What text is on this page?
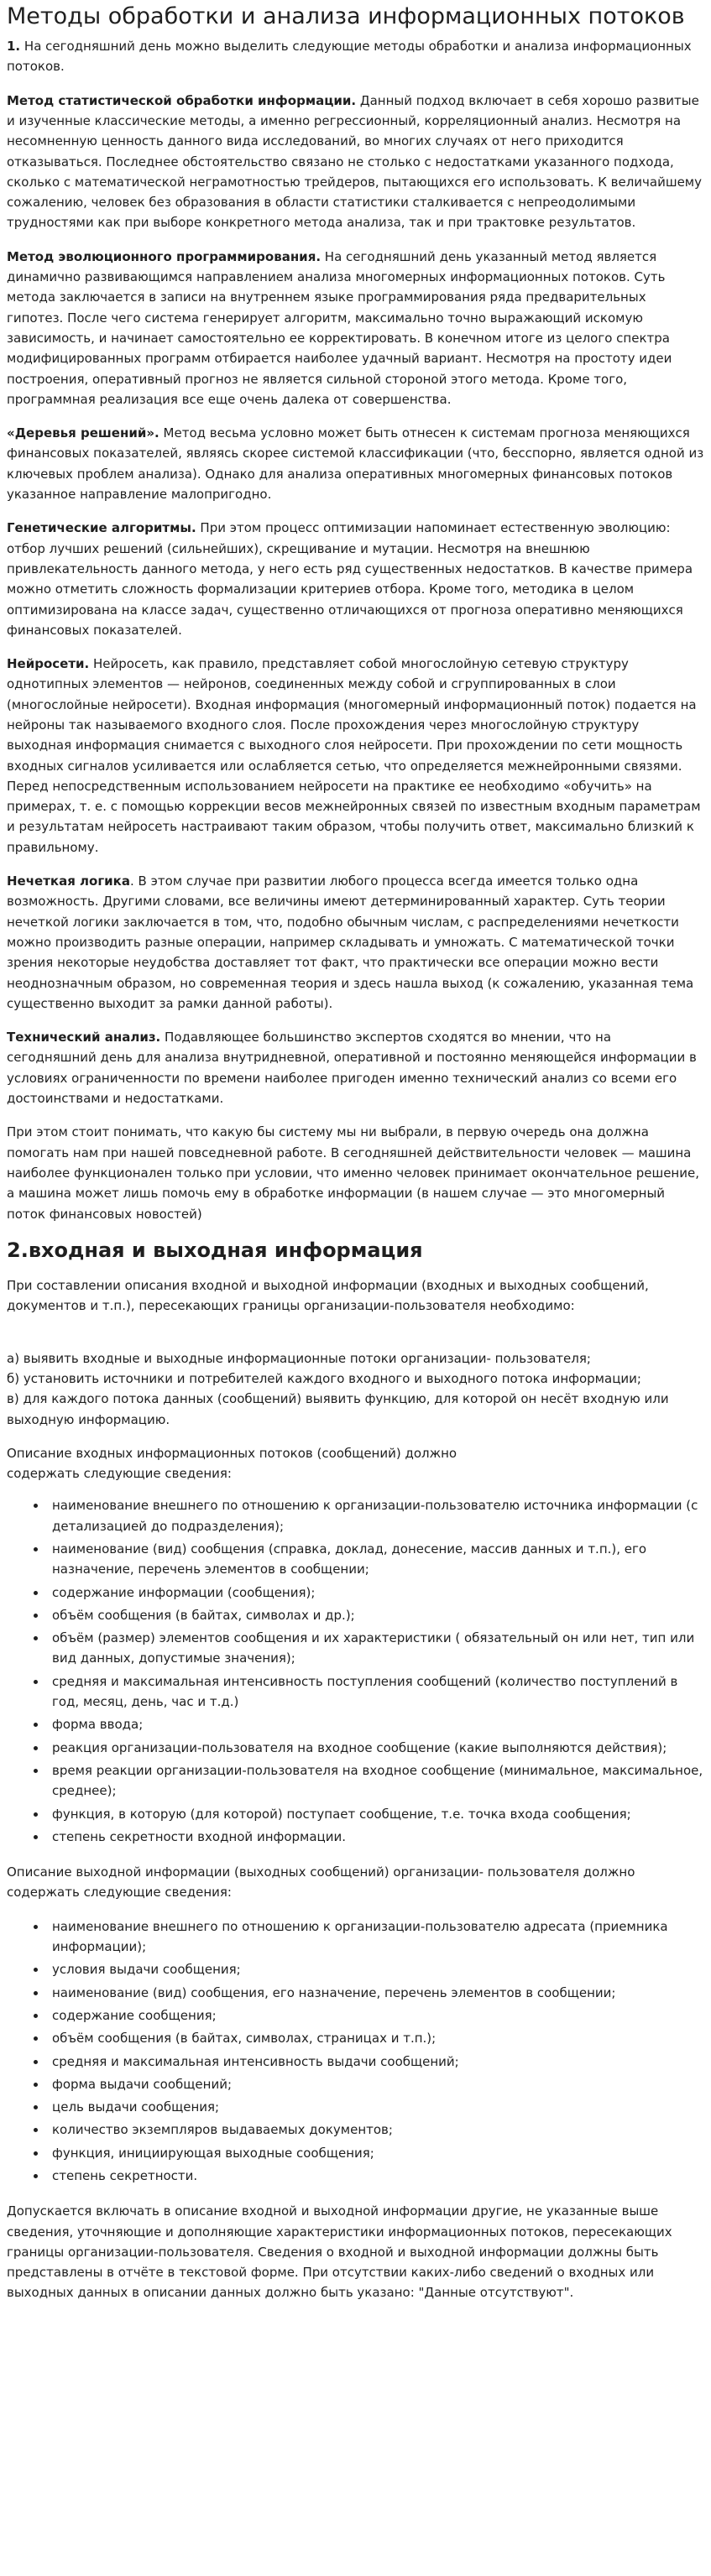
Методы обработки и анализа информационных потоков

1. На сегодняшний день можно выделить следующие методы обработки и анализа информационных потоков.

Метод статистической обработки информации. Данный подход включает в себя хорошо развитые и изученные классические методы, а именно регрессионный, корреляционный анализ. Несмотря на несомненную ценность данного вида исследований, во многих случаях от него приходится отказываться. Последнее обстоятельство связано не столько с недостатками указанного подхода, сколько с математической неграмотностью трейдеров, пытающихся его использовать. К величайшему сожалению, человек без образования в области статистики сталкивается с непреодолимыми трудностями как при выборе конкретного метода анализа, так и при трактовке результатов.

Метод эволюционного программирования. На сегодняшний день указанный метод является динамично развивающимся направлением анализа многомерных информационных потоков. Суть метода заключается в записи на внутреннем языке программирования ряда предварительных гипотез. После чего система генерирует алгоритм, максимально точно выражающий искомую зависимость, и начинает самостоятельно ее корректировать. В конечном итоге из целого спектра модифицированных программ отбирается наиболее удачный вариант. Несмотря на простоту идеи построения, оперативный прогноз не является сильной стороной этого метода. Кроме того, программная реализация все еще очень далека от совершенства.

«Деревья решений». Метод весьма условно может быть отнесен к системам прогноза меняющихся финансовых показателей, являясь скорее системой классификации (что, бесспорно, является одной из ключевых проблем анализа). Однако для анализа оперативных многомерных финансовых потоков указанное направление малопригодно.

Генетические алгоритмы. При этом процесс оптимизации напоминает естественную эволюцию: отбор лучших решений (сильнейших), скрещивание и мутации. Несмотря на внешнюю привлекательность данного метода, у него есть ряд существенных недостатков. В качестве примера можно отметить сложность формализации критериев отбора. Кроме того, методика в целом оптимизирована на классе задач, существенно отличающихся от прогноза оперативно меняющихся финансовых показателей.

Нейросети. Нейросеть, как правило, представляет собой многослойную сетевую структуру однотипных элементов — нейронов, соединенных между собой и сгруппированных в слои (многослойные нейросети). Входная информация (многомерный информационный поток) подается на нейроны так называемого входного слоя. После прохождения через многослойную структуру выходная информация снимается с выходного слоя нейросети. При прохождении по сети мощность входных сигналов усиливается или ослабляется сетью, что определяется межнейронными связями. Перед непосредственным использованием нейросети на практике ее необходимо «обучить» на примерах, т. е. с помощью коррекции весов межнейронных связей по известным входным параметрам и результатам нейросеть настраивают таким образом, чтобы получить ответ, максимально близкий к правильному.

Нечеткая логика. В этом случае при развитии любого процесса всегда имеется только одна возможность. Другими словами, все величины имеют детерминированный характер. Суть теории нечеткой логики заключается в том, что, подобно обычным числам, с распределениями нечеткости можно производить разные операции, например складывать и умножать. С математической точки зрения некоторые неудобства доставляет тот факт, что практически все операции можно вести неоднозначным образом, но современная теория и здесь нашла выход (к сожалению, указанная тема существенно выходит за рамки данной работы).

Технический анализ. Подавляющее большинство экспертов сходятся во мнении, что на сегодняшний день для анализа внутридневной, оперативной и постоянно меняющейся информации в условиях ограниченности по времени наиболее пригоден именно технический анализ со всеми его достоинствами и недостатками.

При этом стоит понимать, что какую бы систему мы ни выбрали, в первую очередь она должна помогать нам при нашей повседневной работе. В сегодняшней действительности человек — машина наиболее функционален только при условии, что именно человек принимает окончательное решение, а машина может лишь помочь ему в обработке информации (в нашем случае — это многомерный поток финансовых новостей)

2.входная и выходная информация

При составлении описания входной и выходной информации (входных и выходных сообщений, документов и т.п.), пересекающих границы организации-пользователя необходимо:

а) выявить входные и выходные информационные потоки организации- пользователя;

б) установить источники и потребителей каждого входного и выходного потока информации;

в) для каждого потока данных (сообщений) выявить функцию, для которой он несёт входную или выходную информацию.

Описание входных информационных потоков (сообщений) должно

содержать следующие сведения:

• наименование внешнего по отношению к организации-пользователю источника информации (с детализацией до подразделения);
• наименование (вид) сообщения (справка, доклад, донесение, массив данных и т.п.), его назначение, перечень элементов в сообщении;
• содержание информации (сообщения);
• объём сообщения (в байтах, символах и др.);
• объём (размер) элементов сообщения и их характеристики ( обязательный он или нет, тип или вид данных, допустимые значения);
• средняя и максимальная интенсивность поступления сообщений (количество поступлений в год, месяц, день, час и т.д.)
• форма ввода;
• реакция организации-пользователя на входное сообщение (какие выполняются действия);
• время реакции организации-пользователя на входное сообщение (минимальное, максимальное, среднее);
• функция, в которую (для которой) поступает сообщение, т.е. точка входа сообщения;
• степень секретности входной информации.

Описание выходной информации (выходных сообщений) организации- пользователя должно содержать следующие сведения:

• наименование внешнего по отношению к организации-пользователю адресата (приемника информации);
• условия выдачи сообщения;
• наименование (вид) сообщения, его назначение, перечень элементов в сообщении;
• содержание сообщения;
• объём сообщения (в байтах, символах, страницах и т.п.);
• средняя и максимальная интенсивность выдачи сообщений;
• форма выдачи сообщений;
• цель выдачи сообщения;
• количество экземпляров выдаваемых документов;
• функция, инициирующая выходные сообщения;
• степень секретности.

Допускается включать в описание входной и выходной информации другие, не указанные выше сведения, уточняющие и дополняющие характеристики информационных потоков, пересекающих границы организации-пользователя. Сведения о входной и выходной информации должны быть представлены в отчёте в текстовой форме. При отсутствии каких-либо сведений о входных или выходных данных в описании данных должно быть указано: "Данные отсутствуют".
